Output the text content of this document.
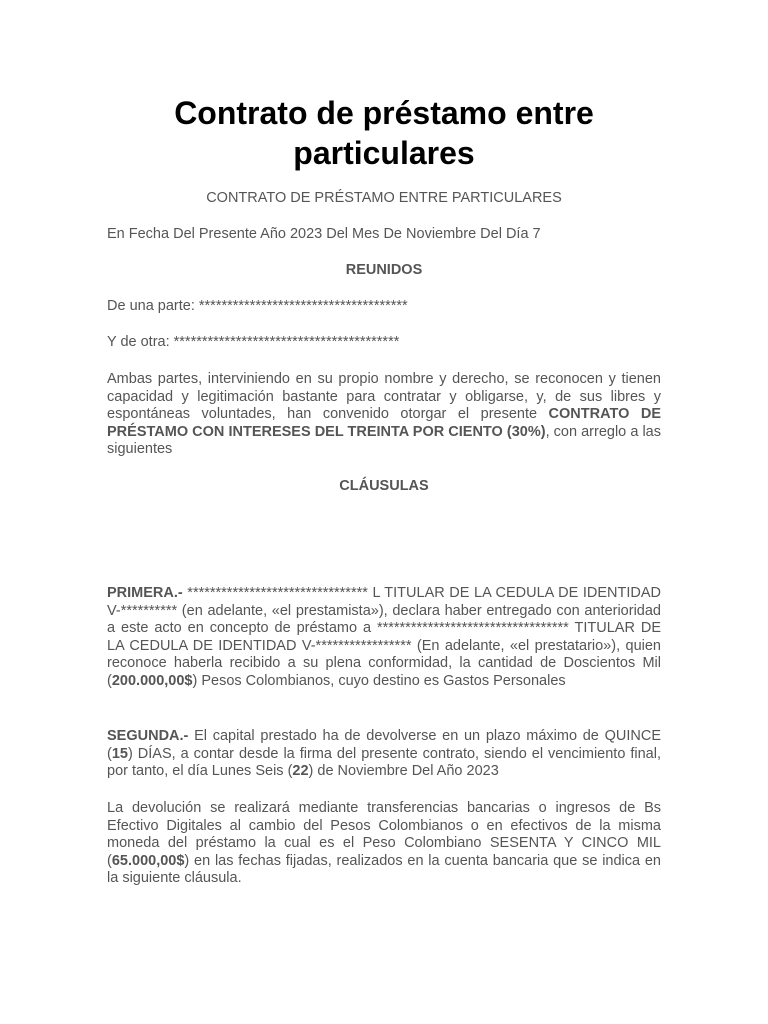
Contrato de préstamo entre particulares
CONTRATO DE PRÉSTAMO ENTRE PARTICULARES

En Fecha Del Presente Año 2023 Del Mes De Noviembre Del Día 7

REUNIDOS

De una parte: *************************************

Y de otra: ****************************************

Ambas partes, interviniendo en su propio nombre y derecho, se reconocen y tienen capacidad y legitimación bastante para contratar y obligarse, y, de sus libres y espontáneas voluntades, han convenido otorgar el presente CONTRATO DE PRÉSTAMO CON INTERESES DEL TREINTA POR CIENTO (30%), con arreglo a las siguientes

CLÁUSULAS

PRIMERA.- ******************************** L TITULAR DE LA CEDULA DE IDENTIDAD V-********** (en adelante, «el prestamista»), declara haber entregado con anterioridad a este acto en concepto de préstamo a ********************************** TITULAR DE LA CEDULA DE IDENTIDAD V-***************** (En adelante, «el prestatario»), quien reconoce haberla recibido a su plena conformidad, la cantidad de Doscientos Mil (200.000,00$) Pesos Colombianos, cuyo destino es Gastos Personales

SEGUNDA.- El capital prestado ha de devolverse en un plazo máximo de QUINCE (15) DÍAS, a contar desde la firma del presente contrato, siendo el vencimiento final, por tanto, el día Lunes Seis (22) de Noviembre Del Año 2023

La devolución se realizará mediante transferencias bancarias o ingresos de Bs Efectivo Digitales al cambio del Pesos Colombianos o en efectivos de la misma moneda del préstamo la cual es el Peso Colombiano SESENTA Y CINCO MIL (65.000,00$) en las fechas fijadas, realizados en la cuenta bancaria que se indica en la siguiente cláusula.
